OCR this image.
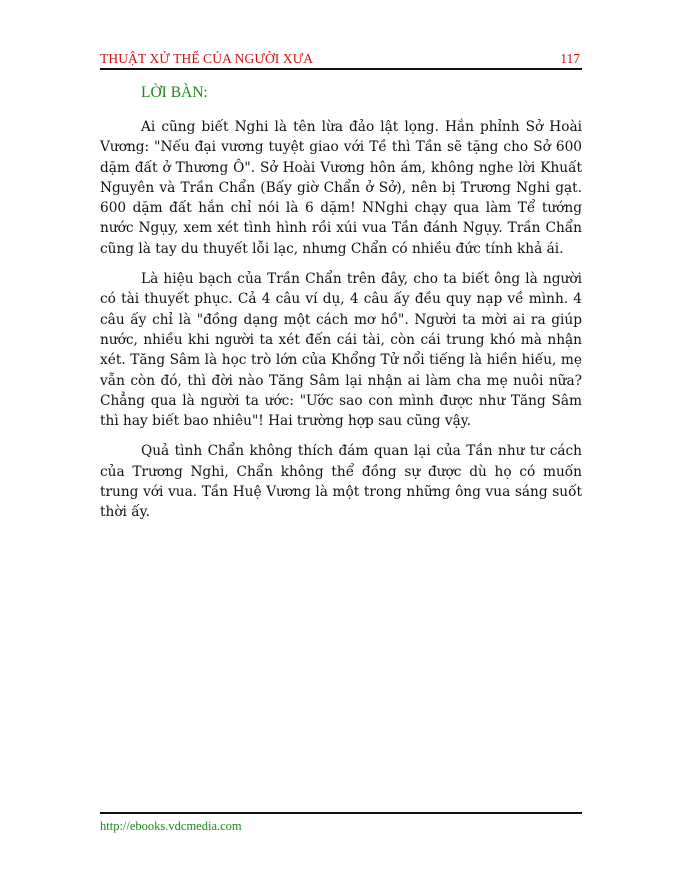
THUẬT XỬ THẾ CỦA NGƯỜI XƯA	117
LỜI BÀN:

Ai cũng biết Nghi là tên lừa đảo lật lọng. Hắn phỉnh Sở Hoài Vương: "Nếu đại vương tuyệt giao với Tề thì Tần sẽ tặng cho Sở 600 dặm đất ở Thương Ô". Sở Hoài Vương hôn ám, không nghe lời Khuất Nguyên và Trần Chẩn (Bấy giờ Chẩn ở Sở), nên bị Trương Nghi gạt. 600 dặm đất hắn chỉ nói là 6 dặm! NNghi chạy qua làm Tể tướng nước Ngụy, xem xét tình hình rồi xúi vua Tần đánh Ngụy. Trần Chẩn cũng là tay du thuyết lỗi lạc, nhưng Chẩn có nhiều đức tính khả ái.

Là hiệu bạch của Trần Chẩn trên đây, cho ta biết ông là người có tài thuyết phục. Cả 4 câu ví dụ, 4 câu ấy đều quy nạp về mình. 4 câu ấy chỉ là "đồng dạng một cách mơ hồ". Người ta mời ai ra giúp nước, nhiều khi người ta xét đến cái tài, còn cái trung khó mà nhận xét. Tăng Sâm là học trò lớn của Khổng Tử nổi tiếng là hiền hiếu, mẹ vẫn còn đó, thì đời nào Tăng Sâm lại nhận ai làm cha mẹ nuôi nữa? Chẳng qua là người ta ước: "Ước sao con mình được như Tăng Sâm thì hay biết bao nhiêu"! Hai trường hợp sau cũng vậy.

Quả tình Chẩn không thích đám quan lại của Tần như tư cách của Trương Nghi, Chẩn không thể đồng sự được dù họ có muốn trung với vua. Tần Huệ Vương là một trong những ông vua sáng suốt thời ấy.

http://ebooks.vdcmedia.com
